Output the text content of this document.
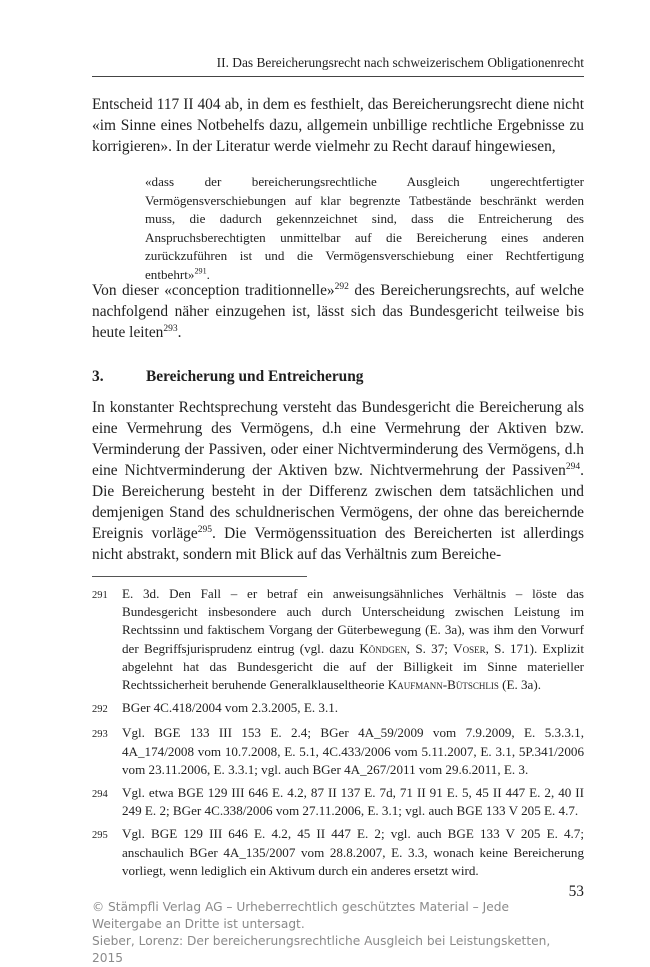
II. Das Bereicherungsrecht nach schweizerischem Obligationenrecht

Entscheid 117 II 404 ab, in dem es festhielt, das Bereicherungsrecht diene nicht «im Sinne eines Notbehelfs dazu, allgemein unbillige rechtliche Ergebnisse zu korrigieren». In der Literatur werde vielmehr zu Recht darauf hingewiesen,

«dass der bereicherungsrechtliche Ausgleich ungerechtfertigter Vermögensverschiebungen auf klar begrenzte Tatbestände beschränkt werden muss, die dadurch gekennzeichnet sind, dass die Entreicherung des Anspruchsberechtigten unmittelbar auf die Bereicherung eines anderen zurückzuführen ist und die Vermögensverschiebung einer Rechtfertigung entbehrt»$^{291}$.

Von dieser «conception traditionnelle»$^{292}$ des Bereicherungsrechts, auf welche nachfolgend näher einzugehen ist, lässt sich das Bundesgericht teilweise bis heute leiten$^{293}$.

3.	Bereicherung und Entreicherung

In konstanter Rechtsprechung versteht das Bundesgericht die Bereicherung als eine Vermehrung des Vermögens, d.h eine Vermehrung der Aktiven bzw. Verminderung der Passiven, oder einer Nichtverminderung des Vermögens, d.h eine Nichtverminderung der Aktiven bzw. Nichtvermehrung der Passiven$^{294}$. Die Bereicherung besteht in der Differenz zwischen dem tatsächlichen und demjenigen Stand des schuldnerischen Vermögens, der ohne das bereichernde Ereignis vorläge$^{295}$. Die Vermögenssituation des Bereicherten ist allerdings nicht abstrakt, sondern mit Blick auf das Verhältnis zum Bereiche-

291	E. 3d. Den Fall – er betraf ein anweisungsähnliches Verhältnis – löste das Bundesgericht insbesondere auch durch Unterscheidung zwischen Leistung im Rechtssinn und faktischem Vorgang der Güterbewegung (E. 3a), was ihm den Vorwurf der Begriffsjurisprudenz eintrug (vgl. dazu Köndgen, S. 37; Voser, S. 171). Explizit abgelehnt hat das Bundesgericht die auf der Billigkeit im Sinne materieller Rechtssicherheit beruhende Generalklauseltheorie Kaufmann-Bütschlis (E. 3a).
292	BGer 4C.418/2004 vom 2.3.2005, E. 3.1.
293	Vgl. BGE 133 III 153 E. 2.4; BGer 4A_59/2009 vom 7.9.2009, E. 5.3.3.1, 4A_174/2008 vom 10.7.2008, E. 5.1, 4C.433/2006 vom 5.11.2007, E. 3.1, 5P.341/2006 vom 23.11.2006, E. 3.3.1; vgl. auch BGer 4A_267/2011 vom 29.6.2011, E. 3.
294	Vgl. etwa BGE 129 III 646 E. 4.2, 87 II 137 E. 7d, 71 II 91 E. 5, 45 II 447 E. 2, 40 II 249 E. 2; BGer 4C.338/2006 vom 27.11.2006, E. 3.1; vgl. auch BGE 133 V 205 E. 4.7.
295	Vgl. BGE 129 III 646 E. 4.2, 45 II 447 E. 2; vgl. auch BGE 133 V 205 E. 4.7; anschaulich BGer 4A_135/2007 vom 28.8.2007, E. 3.3, wonach keine Bereicherung vorliegt, wenn lediglich ein Aktivum durch ein anderes ersetzt wird.
53
© Stämpfli Verlag AG – Urheberrechtlich geschütztes Material – Jede Weitergabe an Dritte ist untersagt.
Sieber, Lorenz: Der bereicherungsrechtliche Ausgleich bei Leistungsketten, 2015
